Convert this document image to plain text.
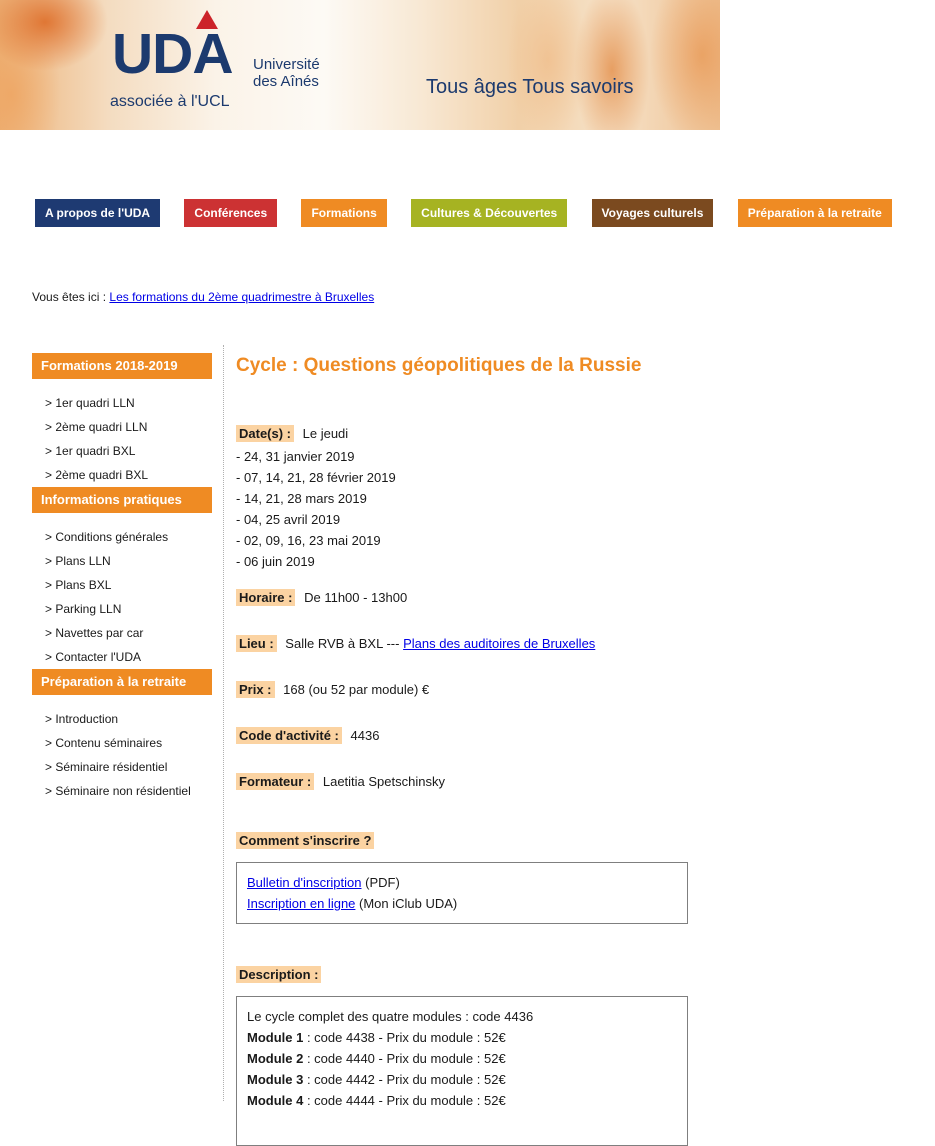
UDA Université
des Aînés
associée à l'UCL
Tous âges Tous savoirs
A propos de l'UDA	Conférences	Formations	Cultures & Découvertes	Voyages culturels	Préparation à la retraite
Vous êtes ici : Les formations du 2ème quadrimestre à Bruxelles
Formations 2018-2019
> 1er quadri LLN
> 2ème quadri LLN
> 1er quadri BXL
> 2ème quadri BXL
Informations pratiques
> Conditions générales
> Plans LLN
> Plans BXL
> Parking LLN
> Navettes par car
> Contacter l'UDA
Préparation à la retraite
> Introduction
> Contenu séminaires
> Séminaire résidentiel
> Séminaire non résidentiel
Cycle : Questions géopolitiques de la Russie

Date(s) : Le jeudi

- 24, 31 janvier 2019
- 07, 14, 21, 28 février 2019
- 14, 21, 28 mars 2019
- 04, 25 avril 2019
- 02, 09, 16, 23 mai 2019
- 06 juin 2019

Horaire : De 11h00 - 13h00

Lieu : Salle RVB à BXL --- Plans des auditoires de Bruxelles

Prix : 168 (ou 52 par module) €

Code d'activité : 4436

Formateur : Laetitia Spetschinsky

Comment s'inscrire ?

Bulletin d'inscription (PDF)
Inscription en ligne (Mon iClub UDA)

Description :

Le cycle complet des quatre modules : code 4436
Module 1 : code 4438 - Prix du module : 52€
Module 2 : code 4440 - Prix du module : 52€
Module 3 : code 4442 - Prix du module : 52€
Module 4 : code 4444 - Prix du module : 52€
